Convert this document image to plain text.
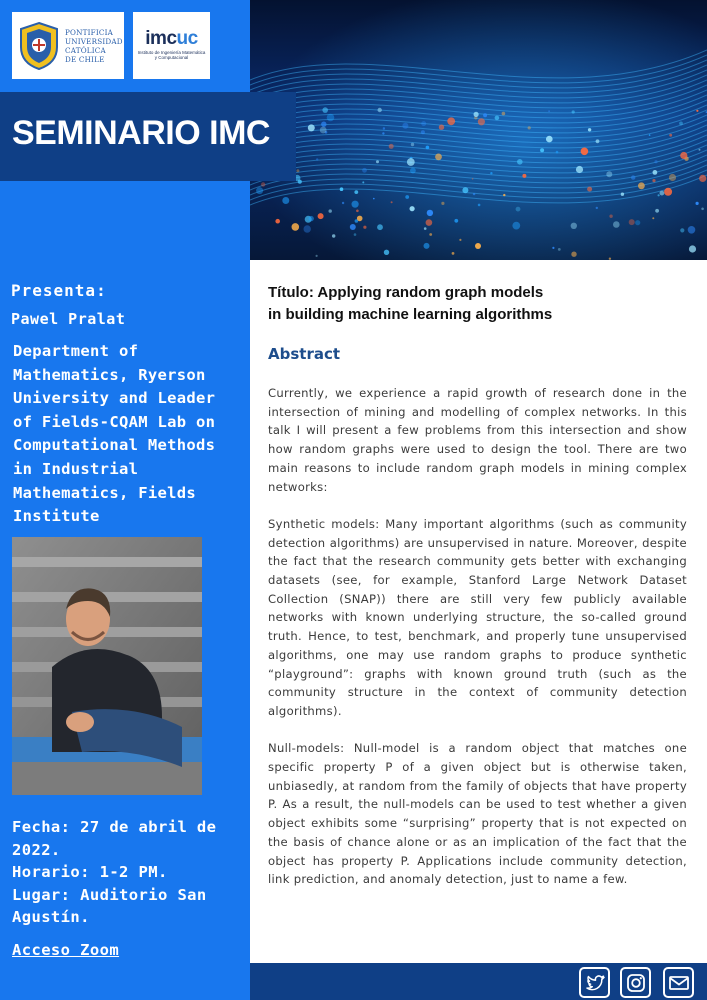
PONTIFICIA
UNIVERSIDAD
CATÓLICA
DE CHILE
imcuc
Instituto de Ingeniería Matemática
y Computacional
Presenta:
Pawel Pralat
Department of Mathematics, Ryerson University and Leader of Fields-CQAM Lab on Computational Methods in Industrial Mathematics, Fields Institute
Fecha: 27 de abril de 2022.
Horario: 1-2 PM.
Lugar: Auditorio San Agustín.
Acceso Zoom
SEMINARIO IMC
Título: Applying random graph models
in building machine learning algorithms
Abstract

Currently, we experience a rapid growth of research done in the intersection of mining and modelling of complex networks. In this talk I will present a few problems from this intersection and show how random graphs were used to design the tool. There are two main reasons to include random graph models in mining complex networks:

Synthetic models: Many important algorithms (such as community detection algorithms) are unsupervised in nature. Moreover, despite the fact that the research community gets better with exchanging datasets (see, for example, Stanford Large Network Dataset Collection (SNAP)) there are still very few publicly available networks with known underlying structure, the so-called ground truth. Hence, to test, benchmark, and properly tune unsupervised algorithms, one may use random graphs to produce synthetic “playground”: graphs with known ground truth (such as the community structure in the context of community detection algorithms).

Null-models: Null-model is a random object that matches one specific property P of a given object but is otherwise taken, unbiasedly, at random from the family of objects that have property P. As a result, the null-models can be used to test whether a given object exhibits some “surprising” property that is not expected on the basis of chance alone or as an implication of the fact that the object has property P. Applications include community detection, link prediction, and anomaly detection, just to name a few.
